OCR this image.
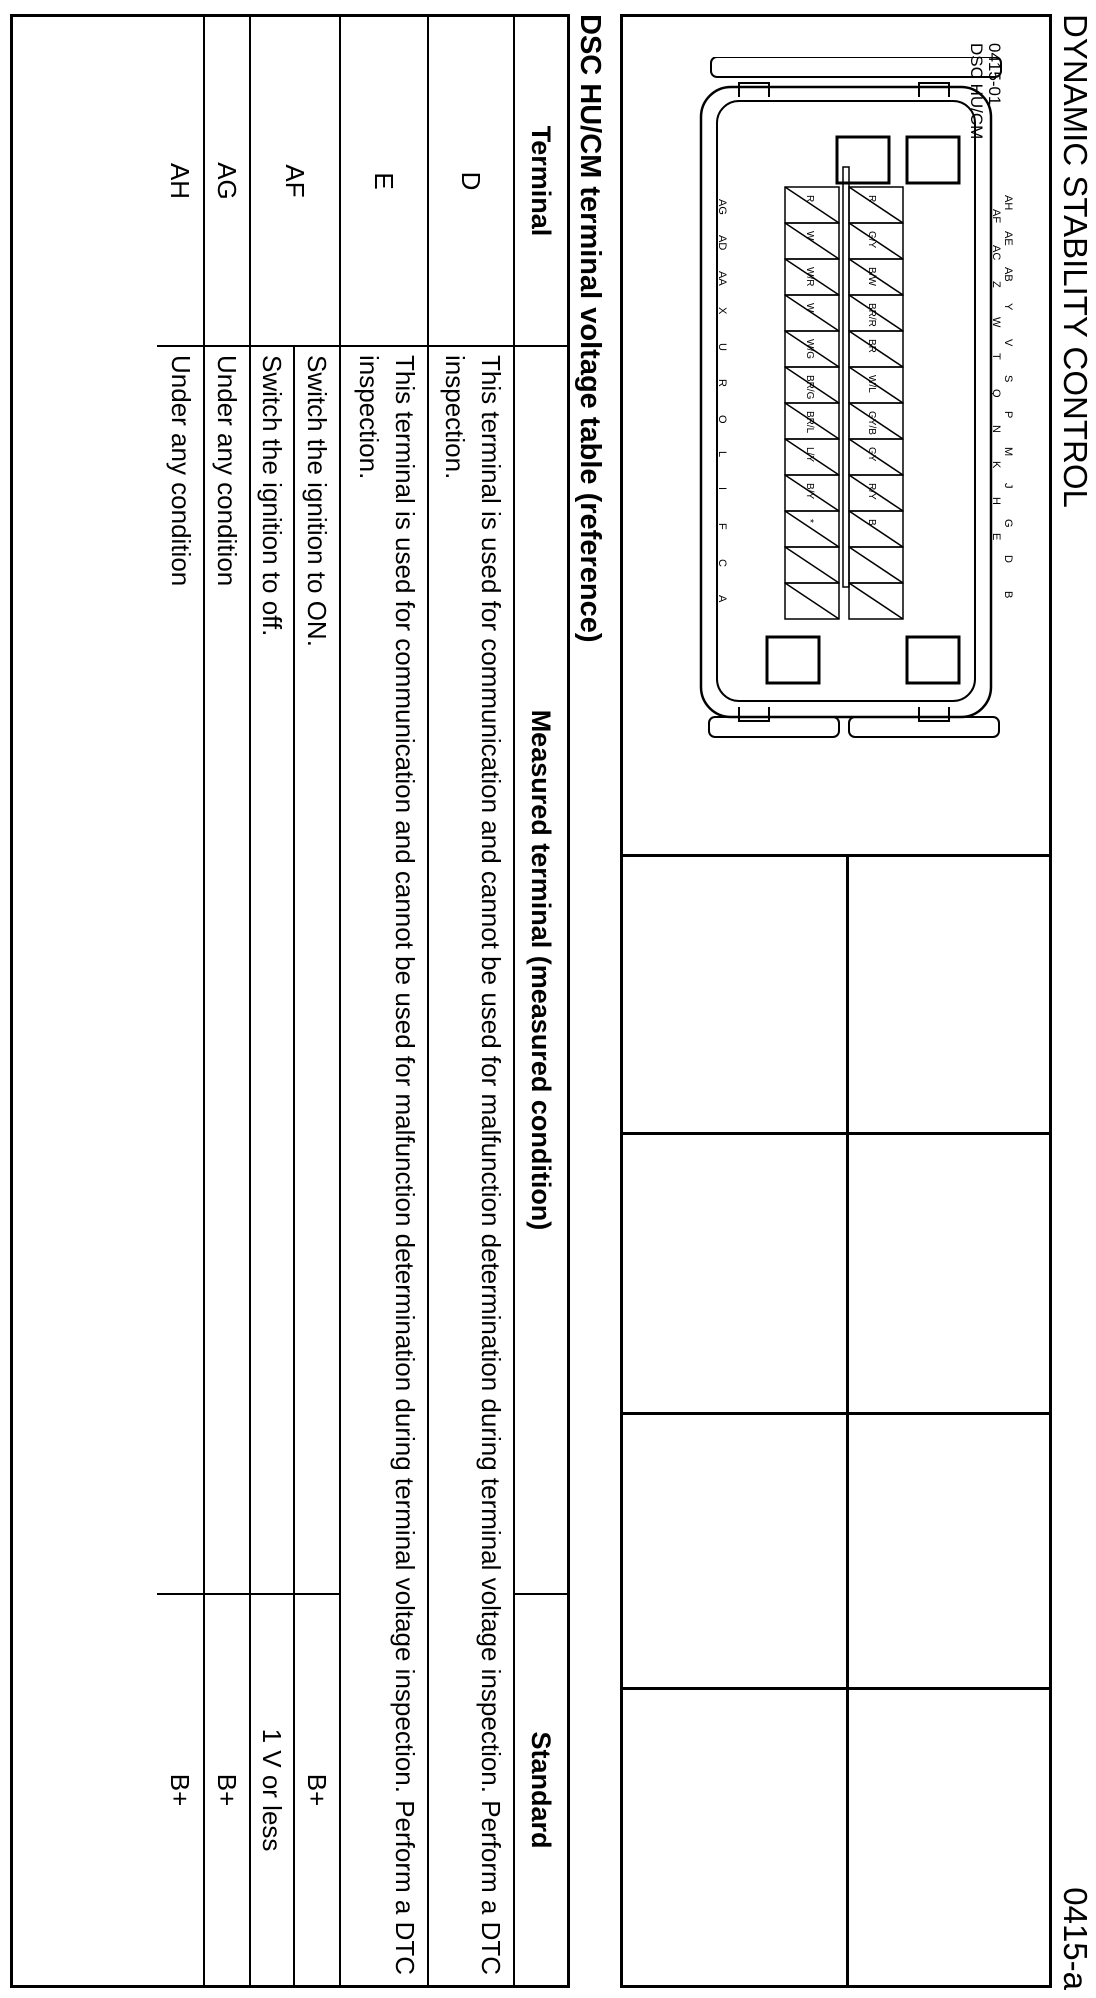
DYNAMIC STABILITY CONTROL
0415-a
0415-01
DSC HU/CM
AG
AD
AA
X
U
R
O
L
I
F
C
A
AH
AE
AB
Y
V
S
P
M
J
G
D
B
AF
AC
Z
W
T
Q
N
K
H
E
R
R
G/Y
W
B/W
W/R
BR/R
W
BR
W/G
W/L
BR/G
GY/B
BR/L
GY
L/Y
R/Y
B/Y
B
*
DSC HU/CM terminal voltage table (reference)
Terminal
Measured terminal (measured condition)
Standard
D
This terminal is used for communication and cannot be used for malfunction determination during terminal voltage inspection. Perform a DTC inspection.
E
This terminal is used for communication and cannot be used for malfunction determination during terminal voltage inspection. Perform a DTC inspection.
AF
Switch the ignition to ON.
Switch the ignition to off.
B+
1 V or less
AG
Under any condition
B+
AH
Under any condition
B+
